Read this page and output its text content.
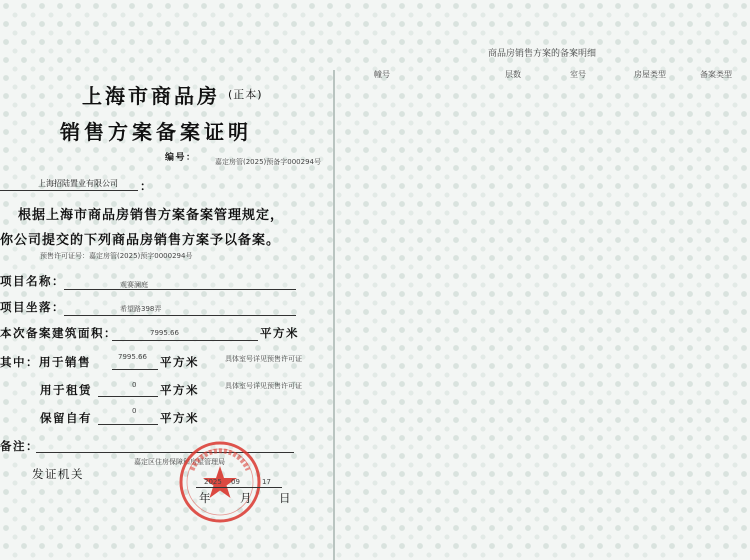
上海市商品房 (正本)
销售方案备案证明
编号：	嘉定房管(2025)预备字000294号
上海招陆置业有限公司 ：
根据上海市商品房销售方案备案管理规定，
你公司提交的下列商品房销售方案予以备案。
预售许可证号：嘉定房管(2025)预字0000294号
项目名称：	观赛澜庭
项目坐落：	希望路398弄
本次备案建筑面积：	7995.66	平方米
其中：用于销售	7995.66 平方米	具体室号详见预售许可证
用于租赁	0 平方米	具体室号详见预售许可证
保留自有	0 平方米
备注：
发证机关
嘉定区住房保障和房屋管理局
2025 09	17
年 月 日
商品房销售方案的备案明细
幢号	层数	室号	房屋类型	备案类型
